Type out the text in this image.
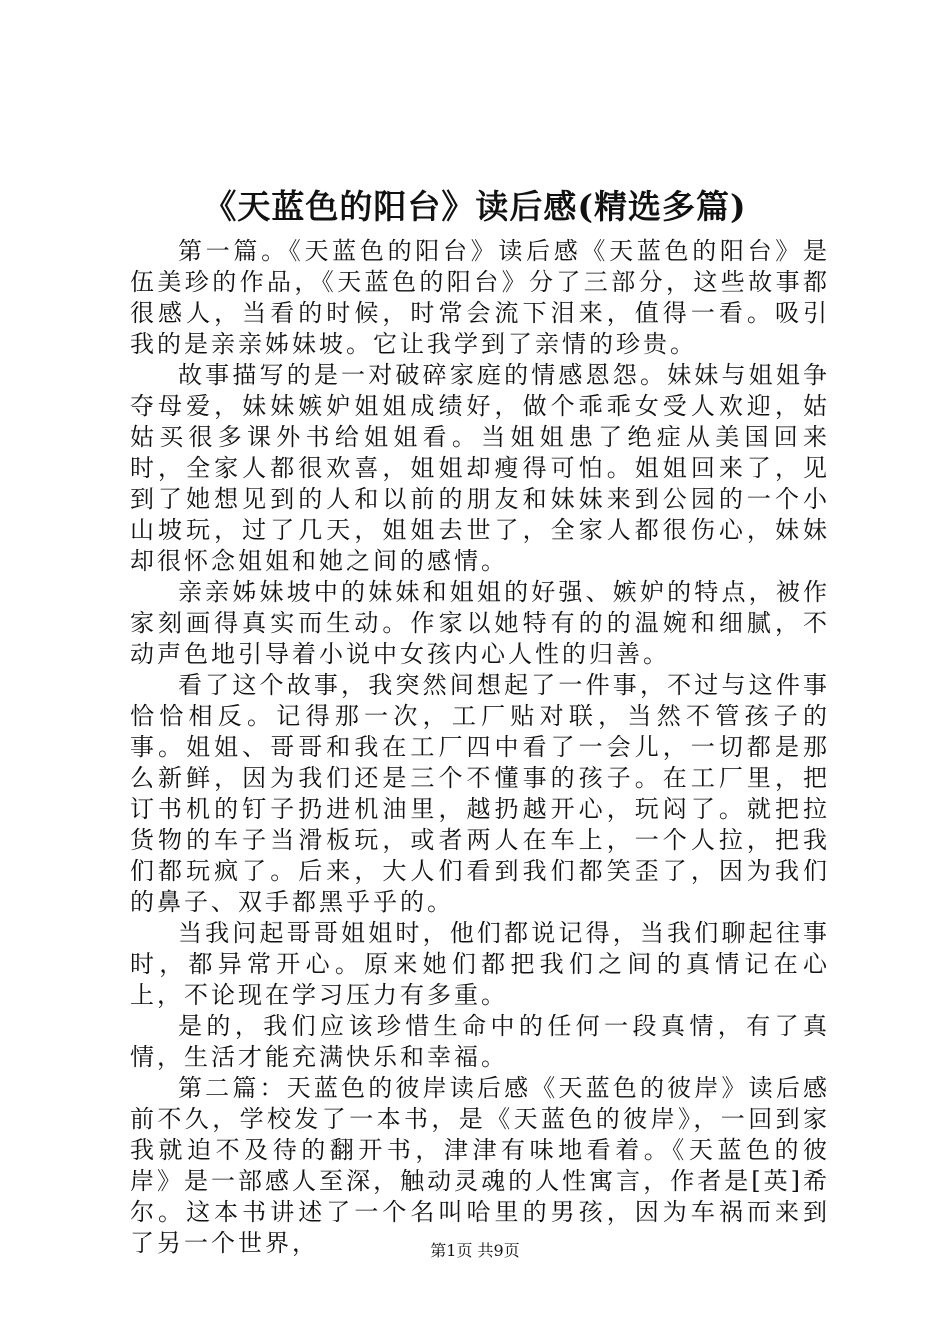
《天蓝色的阳台》读后感(精选多篇)

第一篇。《天蓝色的阳台》读后感《天蓝色的阳台》是伍美珍的作品，《天蓝色的阳台》分了三部分，这些故事都很感人，当看的时候，时常会流下泪来，值得一看。吸引我的是亲亲姊妹坡。它让我学到了亲情的珍贵。

故事描写的是一对破碎家庭的情感恩怨。妹妹与姐姐争夺母爱，妹妹嫉妒姐姐成绩好，做个乖乖女受人欢迎，姑姑买很多课外书给姐姐看。当姐姐患了绝症从美国回来时，全家人都很欢喜，姐姐却瘦得可怕。姐姐回来了，见到了她想见到的人和以前的朋友和妹妹来到公园的一个小山坡玩，过了几天，姐姐去世了，全家人都很伤心，妹妹却很怀念姐姐和她之间的感情。

亲亲姊妹坡中的妹妹和姐姐的好强、嫉妒的特点，被作家刻画得真实而生动。作家以她特有的的温婉和细腻，不动声色地引导着小说中女孩内心人性的归善。

看了这个故事，我突然间想起了一件事，不过与这件事恰恰相反。记得那一次，工厂贴对联，当然不管孩子的事。姐姐、哥哥和我在工厂四中看了一会儿，一切都是那么新鲜，因为我们还是三个不懂事的孩子。在工厂里，把订书机的钉子扔进机油里，越扔越开心，玩闷了。就把拉货物的车子当滑板玩，或者两人在车上，一个人拉，把我们都玩疯了。后来，大人们看到我们都笑歪了，因为我们的鼻子、双手都黑乎乎的。

当我问起哥哥姐姐时，他们都说记得，当我们聊起往事时，都异常开心。原来她们都把我们之间的真情记在心上，不论现在学习压力有多重。

是的，我们应该珍惜生命中的任何一段真情，有了真情，生活才能充满快乐和幸福。

第二篇：天蓝色的彼岸读后感《天蓝色的彼岸》读后感前不久，学校发了一本书，是《天蓝色的彼岸》，一回到家我就迫不及待的翻开书，津津有味地看着。《天蓝色的彼岸》是一部感人至深，触动灵魂的人性寓言，作者是[英]希尔。这本书讲述了一个名叫哈里的男孩，因为车祸而来到了另一个世界，	第1页 共9页
